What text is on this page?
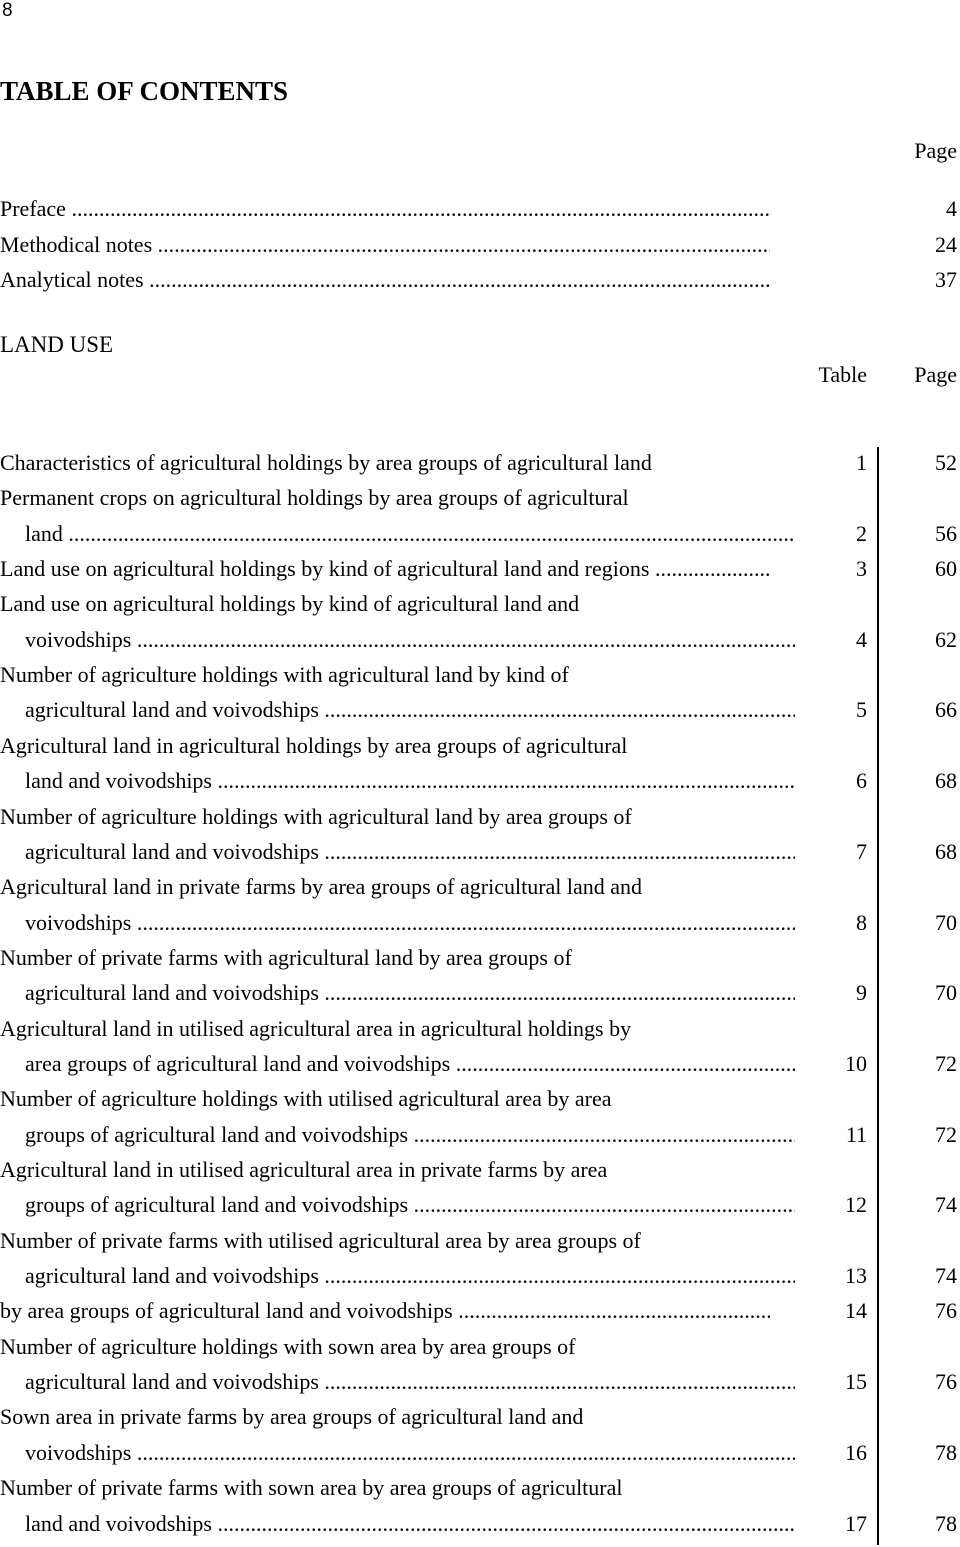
8
TABLE OF CONTENTS
Page
Preface .....	4
Methodical notes .....	24
Analytical notes .....	37
LAND USE
Table Page
Characteristics of agricultural holdings by area groups of agricultural land	1	52
Permanent crops on agricultural holdings by area groups of agricultural
land .....	2	56
Land use on agricultural holdings by kind of agricultural land and regions .....	3	60
Land use on agricultural holdings by kind of agricultural land and
voivodships .....	4	62
Number of agriculture holdings with agricultural land by kind of
agricultural land and voivodships .....	5	66
Agricultural land in agricultural holdings by area groups of agricultural
land and voivodships .....	6	68
Number of agriculture holdings with agricultural land by area groups of
agricultural land and voivodships .....	7	68
Agricultural land in private farms by area groups of agricultural land and
voivodships .....	8	70
Number of private farms with agricultural land by area groups of
agricultural land and voivodships .....	9	70
Agricultural land in utilised agricultural area in agricultural holdings by
area groups of agricultural land and voivodships .....	10	72
Number of agriculture holdings with utilised agricultural area by area
groups of agricultural land and voivodships .....	11	72
Agricultural land in utilised agricultural area in private farms by area
groups of agricultural land and voivodships .....	12	74
Number of private farms with utilised agricultural area by area groups of
agricultural land and voivodships .....	13	74
by area groups of agricultural land and voivodships .....	14	76
Number of agriculture holdings with sown area by area groups of
agricultural land and voivodships .....	15	76
Sown area in private farms by area groups of agricultural land and
voivodships .....	16	78
Number of private farms with sown area by area groups of agricultural
land and voivodships .....	17	78
